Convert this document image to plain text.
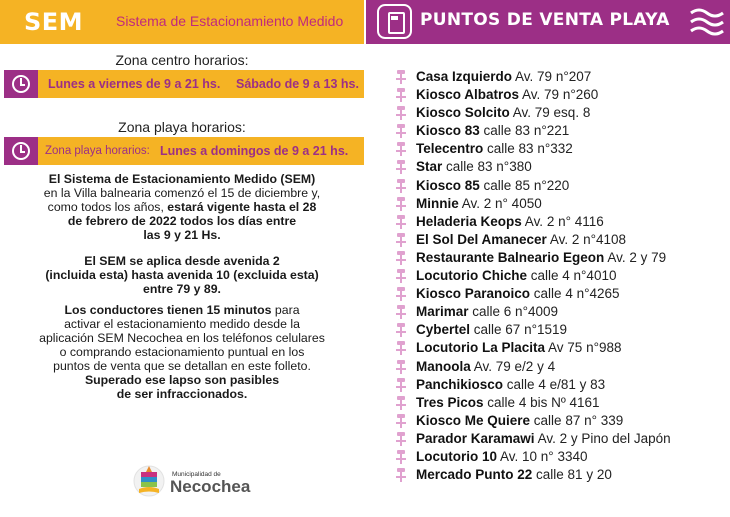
SEM Sistema de Estacionamiento Medido	PUNTOS DE VENTA PLAYA
Zona centro horarios:
Lunes a viernes de 9 a 21 hs. Sábado de 9 a 13 hs.
Zona playa horarios:
Zona playa horarios: Lunes a domingos de 9 a 21 hs.
El Sistema de Estacionamiento Medido (SEM)
en la Villa balnearia comenzó el 15 de diciembre y,
como todos los años, estará vigente hasta el 28
de febrero de 2022 todos los días entre
las 9 y 21 Hs.
El SEM se aplica desde avenida 2
(incluida esta) hasta avenida 10 (excluida esta)
entre 79 y 89.
Los conductores tienen 15 minutos para
activar el estacionamiento medido desde la
aplicación SEM Necochea en los teléfonos celulares
o comprando estacionamiento puntual en los
puntos de venta que se detallan en este folleto.
Superado ese lapso son pasibles
de ser infraccionados.
Municipalidad de
Necochea
Casa Izquierdo Av. 79 n°207
Kiosco Albatros Av. 79 n°260
Kiosco Solcito Av. 79 esq. 8
Kiosco 83 calle 83 n°221
Telecentro calle 83 n°332
Star calle 83 n°380
Kiosco 85 calle 85 n°220
Minnie Av. 2 n° 4050
Heladeria Keops Av. 2 n° 4116
El Sol Del Amanecer Av. 2 n°4108
Restaurante Balneario Egeon Av. 2 y 79
Locutorio Chiche calle 4 n°4010
Kiosco Paranoico calle 4 n°4265
Marimar calle 6 n°4009
Cybertel calle 67 n°1519
Locutorio La Placita Av 75 n°988
Manoola Av. 79 e/2 y 4
Panchikiosco calle 4 e/81 y 83
Tres Picos calle 4 bis Nº 4161
Kiosco Me Quiere calle 87 n° 339
Parador Karamawi Av. 2 y Pino del Japón
Locutorio 10 Av. 10 n° 3340
Mercado Punto 22 calle 81 y 20
